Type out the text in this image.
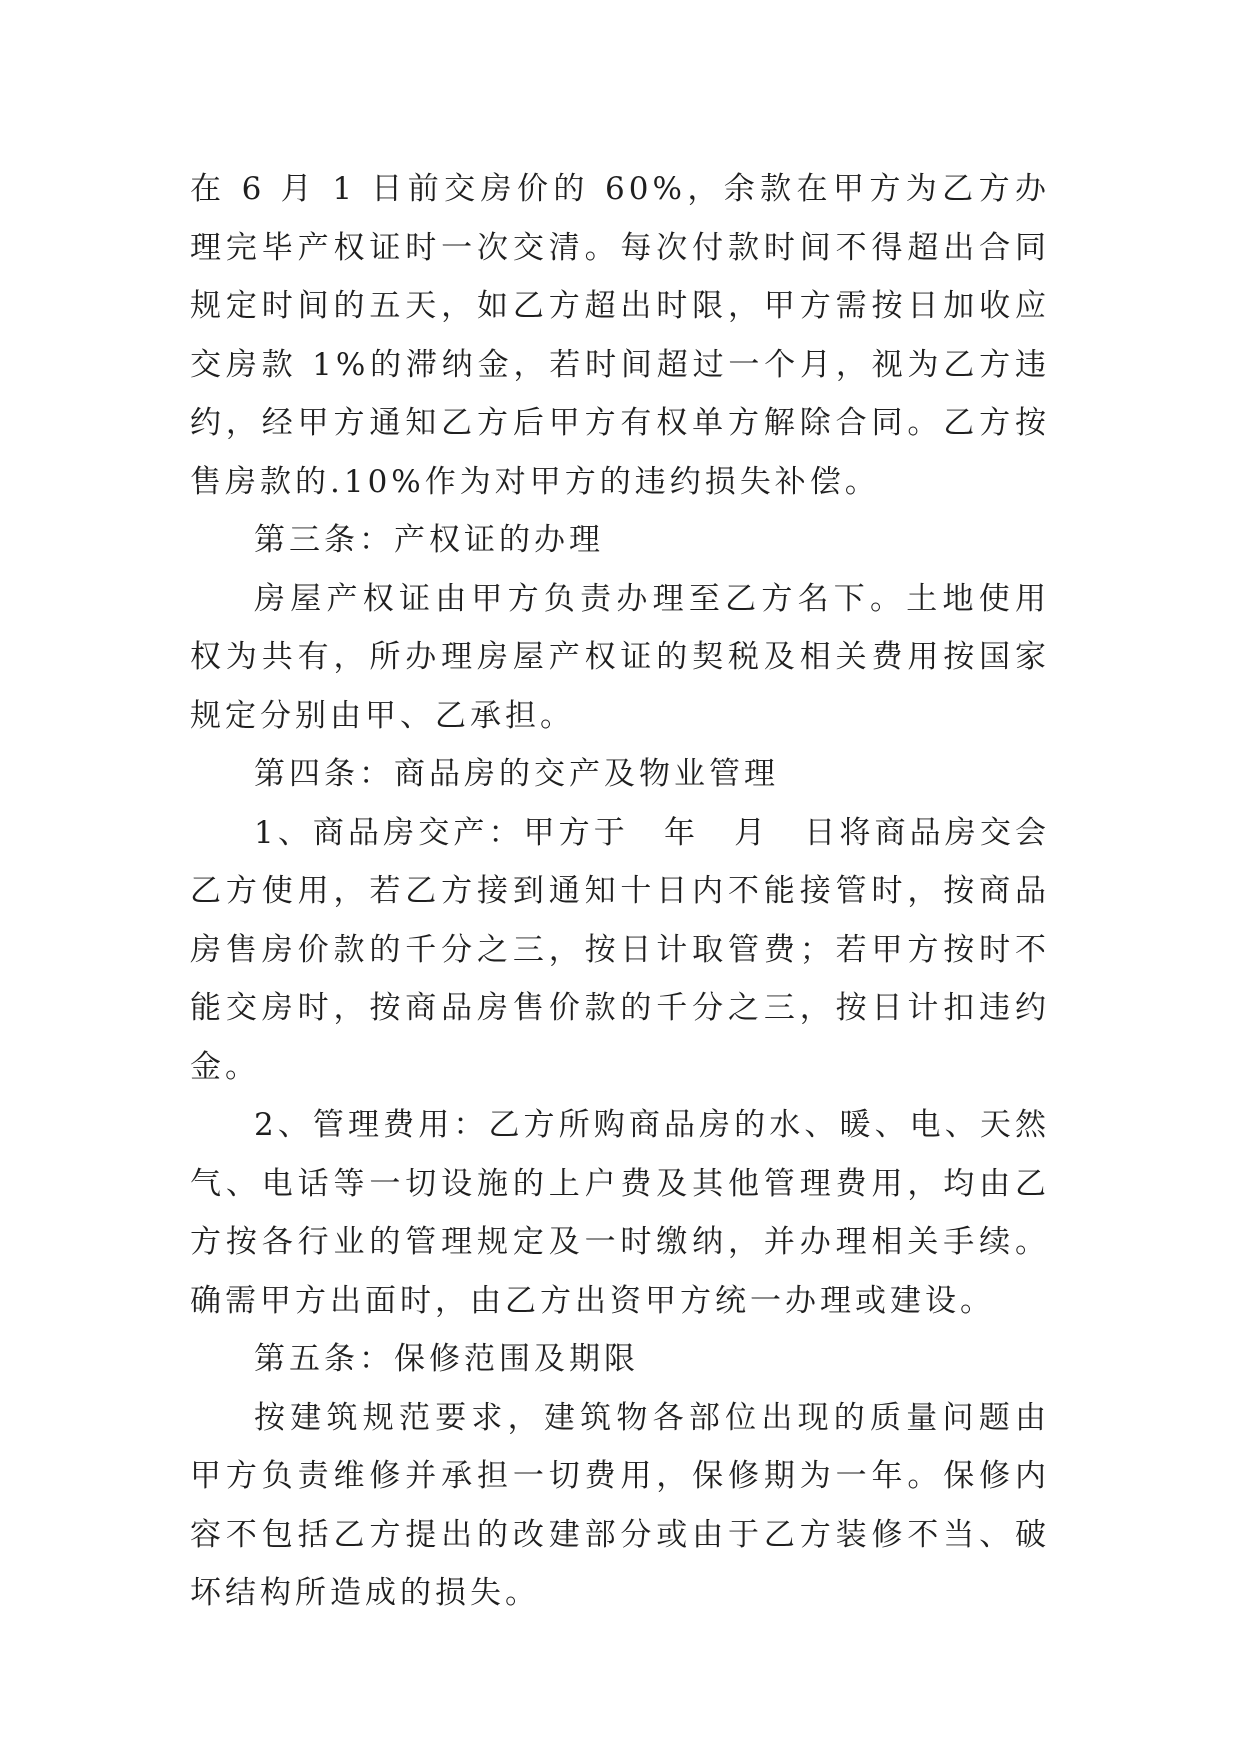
在 6 月 1 日前交房价的 60%，余款在甲方为乙方办理完毕产权证时一次交清。每次付款时间不得超出合同规定时间的五天，如乙方超出时限，甲方需按日加收应交房款 1%的滞纳金，若时间超过一个月，视为乙方违约，经甲方通知乙方后甲方有权单方解除合同。乙方按售房款的.10%作为对甲方的违约损失补偿。

第三条：产权证的办理

房屋产权证由甲方负责办理至乙方名下。土地使用权为共有，所办理房屋产权证的契税及相关费用按国家规定分别由甲、乙承担。

第四条：商品房的交产及物业管理

1、商品房交产：甲方于　年　月　日将商品房交会乙方使用，若乙方接到通知十日内不能接管时，按商品房售房价款的千分之三，按日计取管费；若甲方按时不能交房时，按商品房售价款的千分之三，按日计扣违约金。

2、管理费用：乙方所购商品房的水、暖、电、天然气、电话等一切设施的上户费及其他管理费用，均由乙方按各行业的管理规定及一时缴纳，并办理相关手续。确需甲方出面时，由乙方出资甲方统一办理或建设。

第五条：保修范围及期限

按建筑规范要求，建筑物各部位出现的质量问题由甲方负责维修并承担一切费用，保修期为一年。保修内容不包括乙方提出的改建部分或由于乙方装修不当、破坏结构所造成的损失。
